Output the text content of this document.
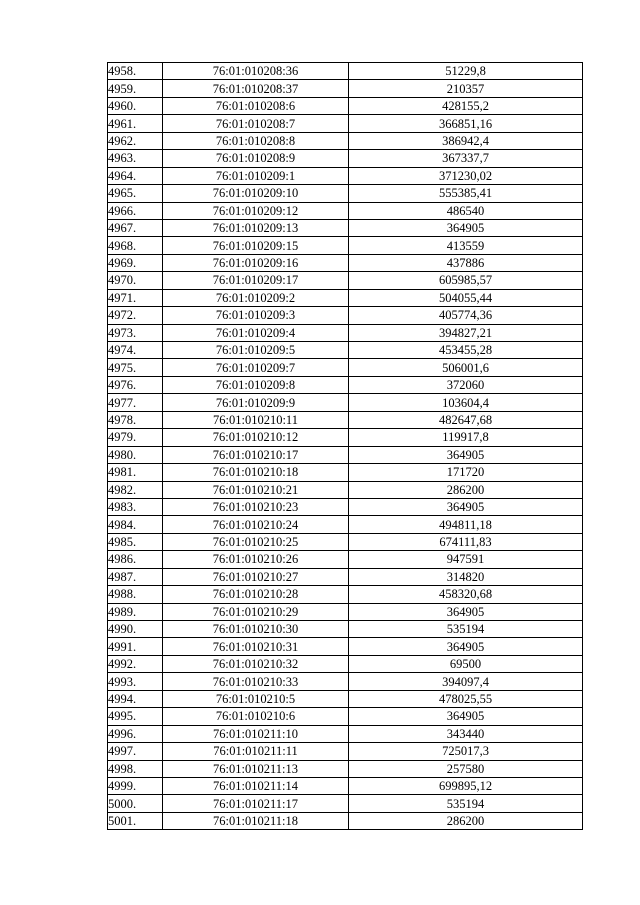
4958.	76:01:010208:36	51229,8
4959.	76:01:010208:37	210357
4960.	76:01:010208:6	428155,2
4961.	76:01:010208:7	366851,16
4962.	76:01:010208:8	386942,4
4963.	76:01:010208:9	367337,7
4964.	76:01:010209:1	371230,02
4965.	76:01:010209:10	555385,41
4966.	76:01:010209:12	486540
4967.	76:01:010209:13	364905
4968.	76:01:010209:15	413559
4969.	76:01:010209:16	437886
4970.	76:01:010209:17	605985,57
4971.	76:01:010209:2	504055,44
4972.	76:01:010209:3	405774,36
4973.	76:01:010209:4	394827,21
4974.	76:01:010209:5	453455,28
4975.	76:01:010209:7	506001,6
4976.	76:01:010209:8	372060
4977.	76:01:010209:9	103604,4
4978.	76:01:010210:11	482647,68
4979.	76:01:010210:12	119917,8
4980.	76:01:010210:17	364905
4981.	76:01:010210:18	171720
4982.	76:01:010210:21	286200
4983.	76:01:010210:23	364905
4984.	76:01:010210:24	494811,18
4985.	76:01:010210:25	674111,83
4986.	76:01:010210:26	947591
4987.	76:01:010210:27	314820
4988.	76:01:010210:28	458320,68
4989.	76:01:010210:29	364905
4990.	76:01:010210:30	535194
4991.	76:01:010210:31	364905
4992.	76:01:010210:32	69500
4993.	76:01:010210:33	394097,4
4994.	76:01:010210:5	478025,55
4995.	76:01:010210:6	364905
4996.	76:01:010211:10	343440
4997.	76:01:010211:11	725017,3
4998.	76:01:010211:13	257580
4999.	76:01:010211:14	699895,12
5000.	76:01:010211:17	535194
5001.	76:01:010211:18	286200
